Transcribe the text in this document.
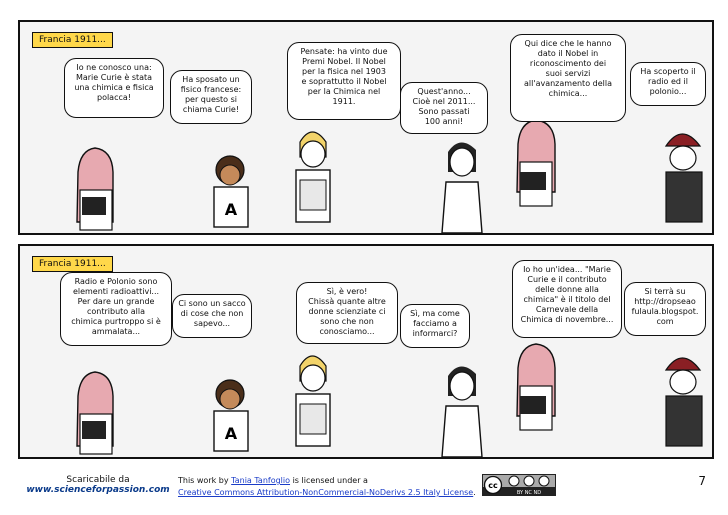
Francia 1911...
A
Io ne conosco una:
Marie Curie è stata
una chimica e fisica
polacca!
Ha sposato un
fisico francese:
per questo si
chiama Curie!
Pensate: ha vinto due
Premi Nobel. Il Nobel
per la fisica nel 1903
e soprattutto il Nobel
per la Chimica nel
1911.
Quest'anno...
Cioè nel 2011...
Sono passati
100 anni!
Qui dice che le hanno
dato il Nobel in
riconoscimento dei
suoi servizi
all'avanzamento della
chimica...
Ha scoperto il
radio ed il
polonio...
Francia 1911...
A
Radio e Polonio sono
elementi radioattivi...
Per dare un grande
contributo alla
chimica purtroppo si è
ammalata...
Ci sono un sacco
di cose che non
sapevo...
Sì, è vero!
Chissà quante altre
donne scienziate ci
sono che non
conosciamo...
Sì, ma come
facciamo a
informarci?
Io ho un'idea... "Marie
Curie e il contributo
delle donne alla
chimica" è il titolo del
Carnevale della
Chimica di novembre...
Si terrà su
http://dropseao
fulaula.blogspot.
com
Scaricabile da
www.scienceforpassion.com
This work by Tania Tanfoglio is licensed under a
Creative Commons Attribution-NonCommercial-NoDerivs 2.5 Italy License.
cc
BY NC ND
7
